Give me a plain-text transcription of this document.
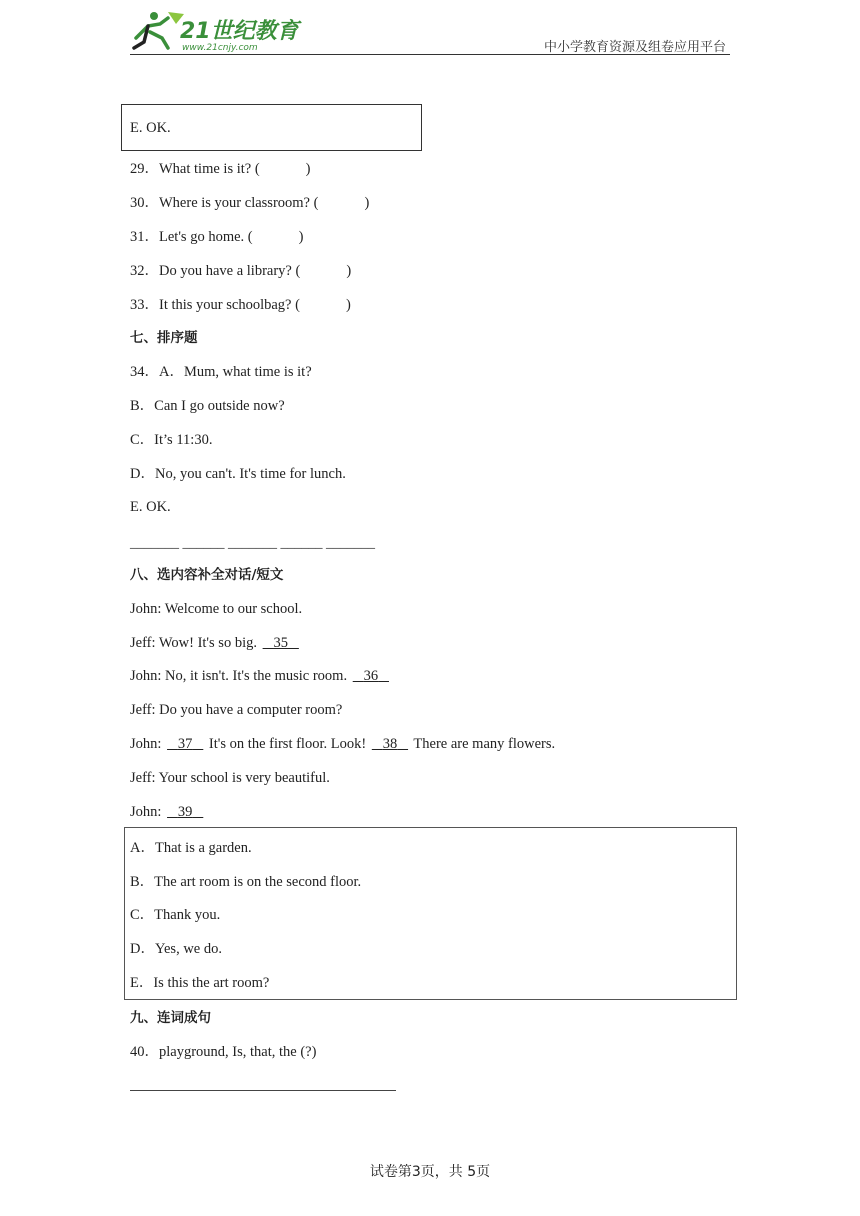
21世纪教育
www.21cnjy.com	中小学教育资源及组卷应用平台
E. OK.
29．What time is it? (	)
30．Where is your classroom? (	)
31．Let's go home. (	)
32．Do you have a library? (	)
33．It this your schoolbag? (	)
七、排序题
34．A．Mum, what time is it?
B．Can I go outside now?
C．It’s 11:30.
D．No, you can't. It's time for lunch.
E. OK.
_______ ______ _______ ______ _______
八、选内容补全对话/短文
John: Welcome to our school.
Jeff: Wow! It's so big.    35
John: No, it isn't. It's the music room.    36
Jeff: Do you have a computer room?
John:    37    It's on the first floor. Look!    38    There are many flowers.
Jeff: Your school is very beautiful.
John:    39
A．That is a garden.
B．The art room is on the second floor.
C．Thank you.
D．Yes, we do.
E．Is this the art room?
九、连词成句
40．playground, Is, that, the (?)
试卷第3页，共 5页
